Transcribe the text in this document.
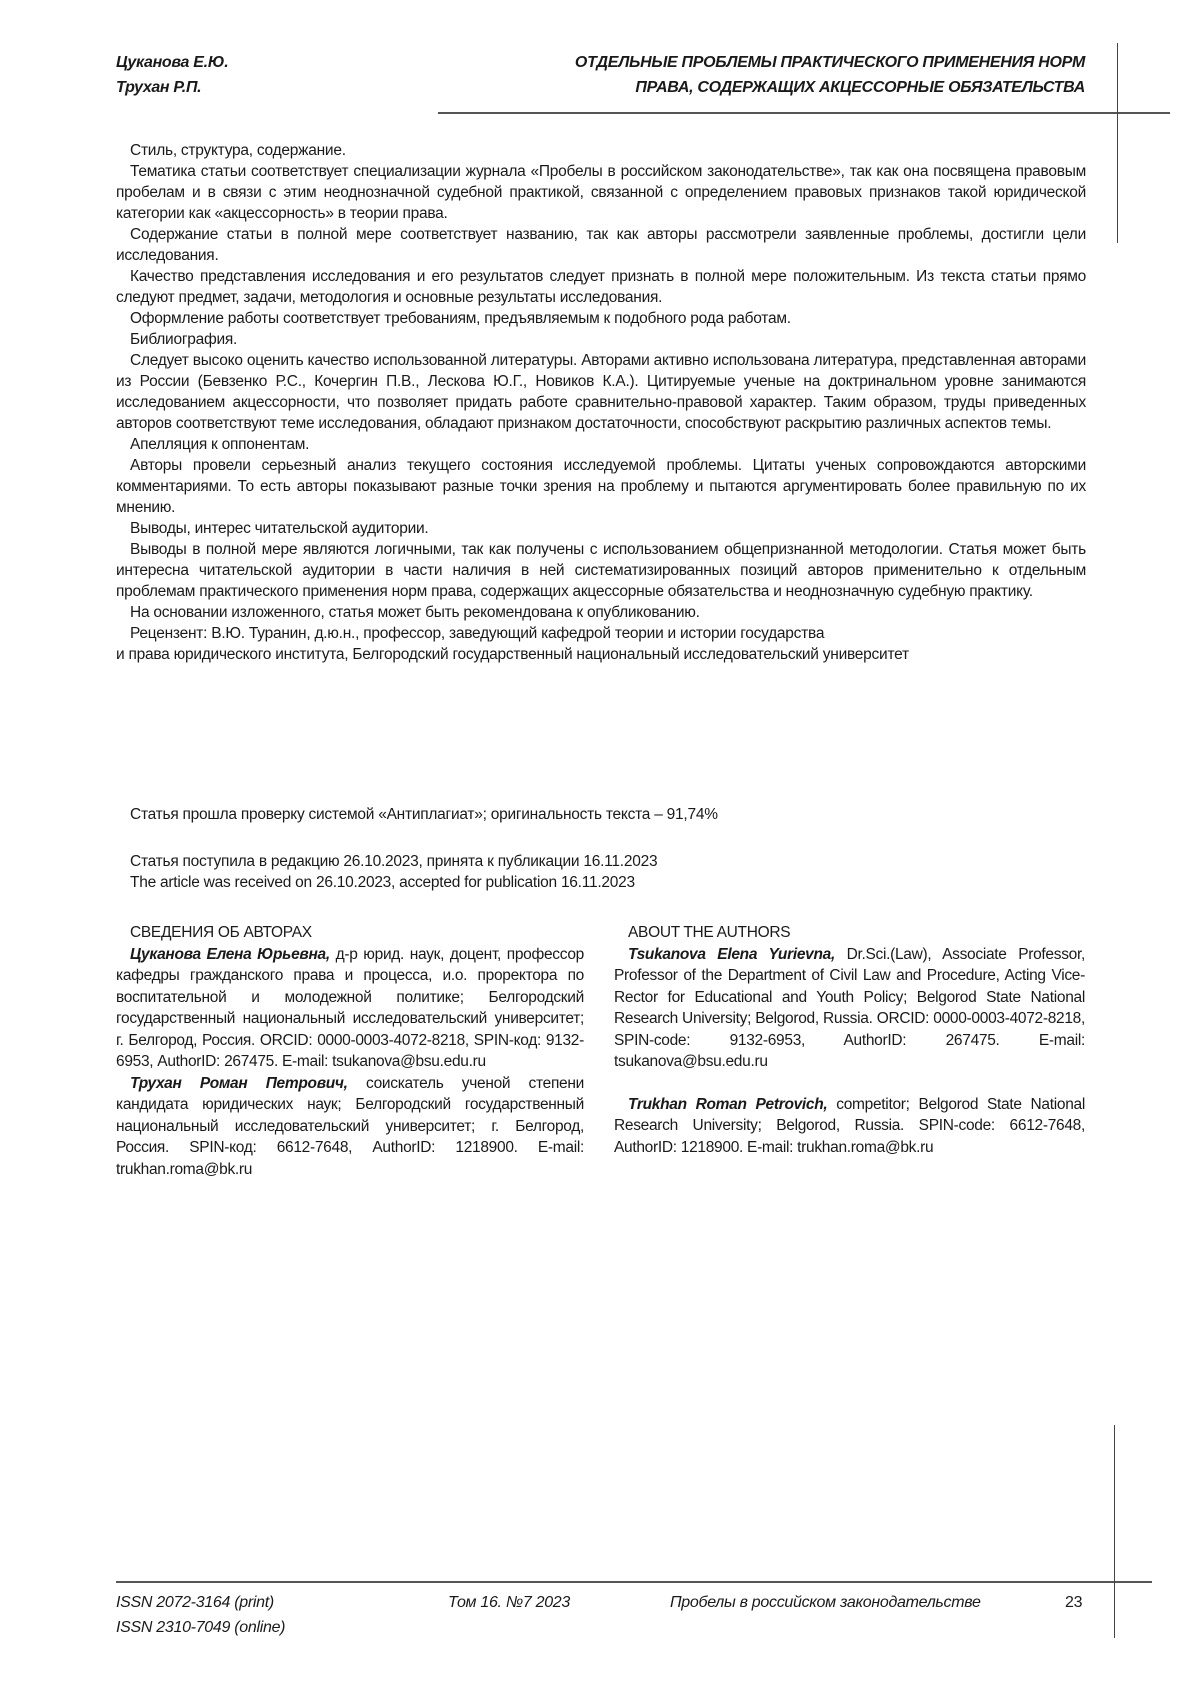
Цуканова Е.Ю.
Трухан Р.П.
ОТДЕЛЬНЫЕ ПРОБЛЕМЫ ПРАКТИЧЕСКОГО ПРИМЕНЕНИЯ НОРМ
ПРАВА, СОДЕРЖАЩИХ АКЦЕССОРНЫЕ ОБЯЗАТЕЛЬСТВА

Стиль, структура, содержание.

Тематика статьи соответствует специализации журнала «Пробелы в российском законодательстве», так как она посвящена правовым пробелам и в связи с этим неоднозначной судебной практикой, связанной с определением правовых признаков такой юридической категории как «акцессорность» в теории права.

Содержание статьи в полной мере соответствует названию, так как авторы рассмотрели заявленные проблемы, достигли цели исследования.

Качество представления исследования и его результатов следует признать в полной мере положительным. Из текста статьи прямо следуют предмет, задачи, методология и основные результаты исследования.

Оформление работы соответствует требованиям, предъявляемым к подобного рода работам.

Библиография.

Следует высоко оценить качество использованной литературы. Авторами активно использована литература, представленная авторами из России (Бевзенко Р.С., Кочергин П.В., Лескова Ю.Г., Новиков К.А.). Цитируемые ученые на доктринальном уровне занимаются исследованием акцессорности, что позволяет придать работе сравнительно-правовой характер. Таким образом, труды приведенных авторов соответствуют теме исследования, обладают признаком достаточности, способствуют раскрытию различных аспектов темы.

Апелляция к оппонентам.

Авторы провели серьезный анализ текущего состояния исследуемой проблемы. Цитаты ученых сопровождаются авторскими комментариями. То есть авторы показывают разные точки зрения на проблему и пытаются аргументировать более правильную по их мнению.

Выводы, интерес читательской аудитории.

Выводы в полной мере являются логичными, так как получены с использованием общепризнанной методологии. Статья может быть интересна читательской аудитории в части наличия в ней систематизированных позиций авторов применительно к отдельным проблемам практического применения норм права, содержащих акцессорные обязательства и неоднозначную судебную практику.

На основании изложенного, статья может быть рекомендована к опубликованию.

Рецензент: В.Ю. Туранин, д.ю.н., профессор, заведующий кафедрой теории и истории государства

и права юридического института, Белгородский государственный национальный исследовательский университет

Статья прошла проверку системой «Антиплагиат»; оригинальность текста – 91,74%
Статья поступила в редакцию 26.10.2023, принята к публикации 16.11.2023
The article was received on 26.10.2023, accepted for publication 16.11.2023
СВЕДЕНИЯ ОБ АВТОРАХ

Цуканова Елена Юрьевна, д-р юрид. наук, доцент, профессор кафедры гражданского права и процесса, и.о. проректора по воспитательной и молодежной политике; Белгородский государственный национальный исследовательский университет; г. Белгород, Россия. ORCID: 0000-0003-4072-8218, SPIN-код: 9132-6953, AuthorID: 267475. E-mail: tsukanova@bsu.edu.ru

Трухан Роман Петрович, соискатель ученой степени кандидата юридических наук; Белгородский государственный национальный исследовательский университет; г. Белгород, Россия. SPIN-код: 6612-7648, AuthorID: 1218900. E-mail: trukhan.roma@bk.ru

ABOUT THE AUTHORS

Tsukanova Elena Yurievna, Dr.Sci.(Law), Associate Professor, Professor of the Department of Civil Law and Procedure, Acting Vice-Rector for Educational and Youth Policy; Belgorod State National Research University; Belgorod, Russia. ORCID: 0000-0003-4072-8218, SPIN-code: 9132-6953, AuthorID: 267475. E-mail: tsukanova@bsu.edu.ru

Trukhan Roman Petrovich, competitor; Belgorod State National Research University; Belgorod, Russia. SPIN-code: 6612-7648, AuthorID: 1218900. E-mail: trukhan.roma@bk.ru

ISSN 2072-3164 (print)
ISSN 2310-7049 (online)
Том 16. №7 2023	Пробелы в российском законодательстве	23
